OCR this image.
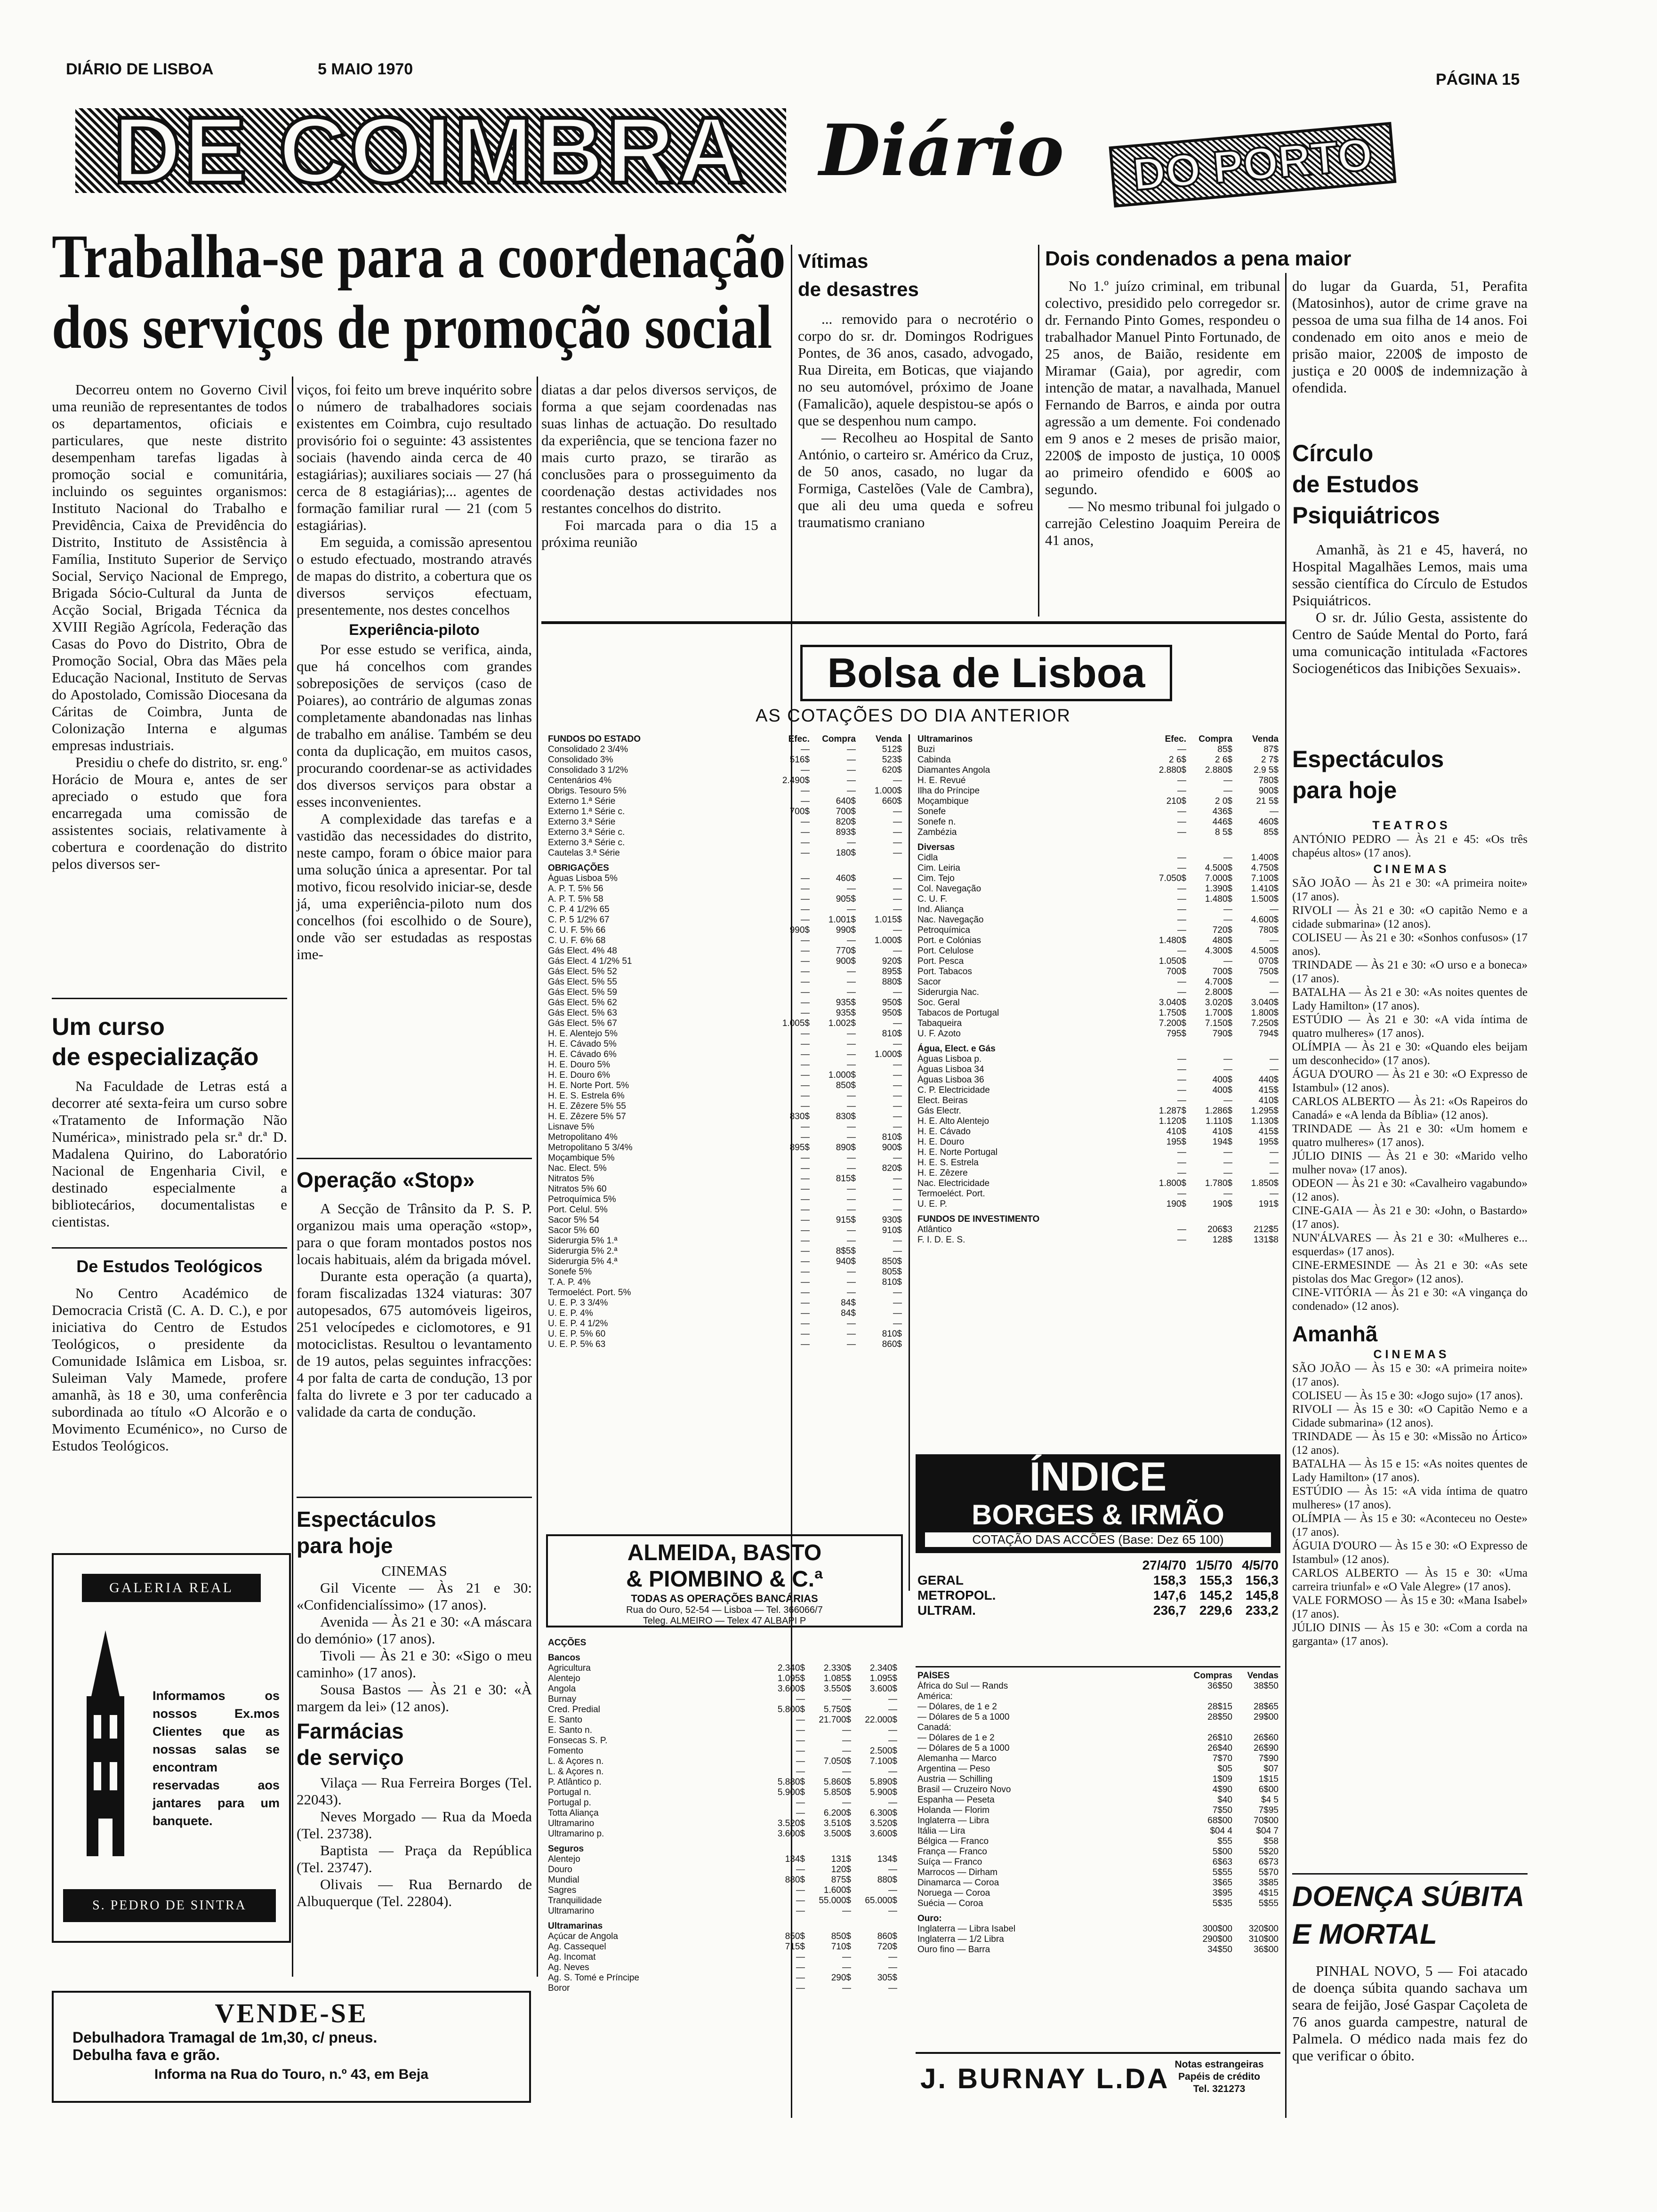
DIÁRIO DE LISBOA	5 MAIO 1970
PÁGINA 15
DE COIMBRA Diário	DO PORTO
Trabalha-se para a coordenação
dos serviços de promoção social

Decorreu ontem no Governo Civil uma reunião de representantes de todos os departamentos, oficiais e particulares, que neste distrito desempenham tarefas ligadas à promoção social e comunitária, incluindo os seguintes organismos: Instituto Nacional do Trabalho e Previdência, Caixa de Previdência do Distrito, Instituto de Assistência à Família, Instituto Superior de Serviço Social, Serviço Nacional de Emprego, Brigada Sócio-Cultural da Junta de Acção Social, Brigada Técnica da XVIII Região Agrícola, Federação das Casas do Povo do Distrito, Obra de Promoção Social, Obra das Mães pela Educação Nacional, Instituto de Servas do Apostolado, Comissão Diocesana da Cáritas de Coimbra, Junta de Colonização Interna e algumas empresas industriais.

Presidiu o chefe do distrito, sr. eng.º Horácio de Moura e, antes de ser apreciado o estudo que fora encarregada uma comissão de assistentes sociais, relativamente à cobertura e coordenação do distrito pelos diversos ser-

Um curso
de especialização

Na Faculdade de Letras está a decorrer até sexta-feira um curso sobre «Tratamento de Informação Não Numérica», ministrado pela sr.ª dr.ª D. Madalena Quirino, do Laboratório Nacional de Engenharia Civil, e destinado especialmente a bibliotecários, documentalistas e cientistas.

De Estudos Teológicos

No Centro Académico de Democracia Cristã (C. A. D. C.), e por iniciativa do Centro de Estudos Teológicos, o presidente da Comunidade Islâmica em Lisboa, sr. Suleiman Valy Mamede, profere amanhã, às 18 e 30, uma conferência subordinada ao título «O Alcorão e o Movimento Ecuménico», no Curso de Estudos Teológicos.

GALERIA REAL
Informamos os nossos Ex.mos Clientes que as nossas salas se encontram reservadas aos jantares para um banquete.
S. PEDRO DE SINTRA

viços, foi feito um breve inquérito sobre o número de trabalhadores sociais existentes em Coimbra, cujo resultado provisório foi o seguinte: 43 assistentes sociais (havendo ainda cerca de 40 estagiárias); auxiliares sociais — 27 (há cerca de 8 estagiárias);... agentes de formação familiar rural — 21 (com 5 estagiárias).

Em seguida, a comissão apresentou o estudo efectuado, mostrando através de mapas do distrito, a cobertura que os diversos serviços efectuam, presentemente, nos destes concelhos

Experiência-piloto

Por esse estudo se verifica, ainda, que há concelhos com grandes sobreposições de serviços (caso de Poiares), ao contrário de algumas zonas completamente abandonadas nas linhas de trabalho em análise. Também se deu conta da duplicação, em muitos casos, procurando coordenar-se as actividades dos diversos serviços para obstar a esses inconvenientes.

A complexidade das tarefas e a vastidão das necessidades do distrito, neste campo, foram o óbice maior para uma solução única a apresentar. Por tal motivo, ficou resolvido iniciar-se, desde já, uma experiência-piloto num dos concelhos (foi escolhido o de Soure), onde vão ser estudadas as respostas ime-

Operação «Stop»

A Secção de Trânsito da P. S. P. organizou mais uma operação «stop», para o que foram montados postos nos locais habituais, além da brigada móvel.

Durante esta operação (a quarta), foram fiscalizadas 1324 viaturas: 307 autopesados, 675 automóveis ligeiros, 251 velocípedes e ciclomotores, e 91 motociclistas. Resultou o levantamento de 19 autos, pelas seguintes infracções: 4 por falta de carta de condução, 13 por falta do livrete e 3 por ter caducado a validade da carta de condução.

Espectáculos
para hoje
CINEMAS

Gil Vicente — Às 21 e 30: «Confidencialíssimo» (17 anos).

Avenida — Às 21 e 30: «A máscara do demónio» (17 anos).

Tivoli — Às 21 e 30: «Sigo o meu caminho» (17 anos).

Sousa Bastos — Às 21 e 30: «À margem da lei» (12 anos).

Farmácias
de serviço

Vilaça — Rua Ferreira Borges (Tel. 22043).

Neves Morgado — Rua da Moeda (Tel. 23738).

Baptista — Praça da República (Tel. 23747).

Olivais — Rua Bernardo de Albuquerque (Tel. 22804).

VENDE-SE
Debulhadora Tramagal de 1m,30, c/ pneus.
Debulha fava e grão.
Informa na Rua do Touro, n.º 43, em Beja

diatas a dar pelos diversos serviços, de forma a que sejam coordenadas nas suas linhas de actuação. Do resultado da experiência, que se tenciona fazer no mais curto prazo, se tirarão as conclusões para o prosseguimento da coordenação destas actividades nos restantes concelhos do distrito.

Foi marcada para o dia 15 a próxima reunião

Vítimas
de desastres

... removido para o necrotério o corpo do sr. dr. Domingos Rodrigues Pontes, de 36 anos, casado, advogado, Rua Direita, em Boticas, que viajando no seu automóvel, próximo de Joane (Famalicão), aquele despistou-se após o que se despenhou num campo.

— Recolheu ao Hospital de Santo António, o carteiro sr. Américo da Cruz, de 50 anos, casado, no lugar da Formiga, Castelões (Vale de Cambra), que ali deu uma queda e sofreu traumatismo craniano

Dois condenados a pena maior

No 1.º juízo criminal, em tribunal colectivo, presidido pelo corregedor sr. dr. Fernando Pinto Gomes, respondeu o trabalhador Manuel Pinto Fortunado, de 25 anos, de Baião, residente em Miramar (Gaia), por agredir, com intenção de matar, a navalhada, Manuel Fernando de Barros, e ainda por outra agressão a um demente. Foi condenado em 9 anos e 2 meses de prisão maior, 2200$ de imposto de justiça, 10 000$ ao primeiro ofendido e 600$ ao segundo.

— No mesmo tribunal foi julgado o carrejão Celestino Joaquim Pereira de 41 anos,

do lugar da Guarda, 51, Perafita (Matosinhos), autor de crime grave na pessoa de uma sua filha de 14 anos. Foi condenado em oito anos e meio de prisão maior, 2200$ de imposto de justiça e 20 000$ de indemnização à ofendida.

Círculo
de Estudos
Psiquiátricos

Amanhã, às 21 e 45, haverá, no Hospital Magalhães Lemos, mais uma sessão científica do Círculo de Estudos Psiquiátricos.

O sr. dr. Júlio Gesta, assistente do Centro de Saúde Mental do Porto, fará uma comunicação intitulada «Factores Sociogenéticos das Inibições Sexuais».

Espectáculos
para hoje
T E A T R O S
ANTÓNIO PEDRO — Às 21 e 45: «Os três chapéus altos» (17 anos).
C I N E M A S
SÃO JOÃO — Às 21 e 30: «A primeira noite» (17 anos).
RIVOLI — Às 21 e 30: «O capitão Nemo e a cidade submarina» (12 anos).
COLISEU — Às 21 e 30: «Sonhos confusos» (17 anos).
TRINDADE — Às 21 e 30: «O urso e a boneca» (17 anos).
BATALHA — Às 21 e 30: «As noites quentes de Lady Hamilton» (17 anos).
ESTÚDIO — Às 21 e 30: «A vida íntima de quatro mulheres» (17 anos).
OLÍMPIA — Às 21 e 30: «Quando eles beijam um desconhecido» (17 anos).
ÁGUA D'OURO — Às 21 e 30: «O Expresso de Istambul» (12 anos).
CARLOS ALBERTO — Às 21: «Os Rapeiros do Canadá» e «A lenda da Bíblia» (12 anos).
TRINDADE — Às 21 e 30: «Um homem e quatro mulheres» (17 anos).
JÚLIO DINIS — Às 21 e 30: «Marido velho mulher nova» (17 anos).
ODEON — Às 21 e 30: «Cavalheiro vagabundo» (12 anos).
CINE-GAIA — Às 21 e 30: «John, o Bastardo» (17 anos).
NUN'ÁLVARES — Às 21 e 30: «Mulheres e... esquerdas» (17 anos).
CINE-ERMESINDE — Às 21 e 30: «As sete pistolas dos Mac Gregor» (12 anos).
CINE-VITÓRIA — Às 21 e 30: «A vingança do condenado» (12 anos).
Amanhã
C I N E M A S
SÃO JOÃO — Às 15 e 30: «A primeira noite» (17 anos).
COLISEU — Às 15 e 30: «Jogo sujo» (17 anos).
RIVOLI — Às 15 e 30: «O Capitão Nemo e a Cidade submarina» (12 anos).
TRINDADE — Às 15 e 30: «Missão no Ártico» (12 anos).
BATALHA — Às 15 e 15: «As noites quentes de Lady Hamilton» (17 anos).
ESTÚDIO — Às 15: «A vida íntima de quatro mulheres» (17 anos).
OLÍMPIA — Às 15 e 30: «Aconteceu no Oeste» (17 anos).
ÁGUIA D'OURO — Às 15 e 30: «O Expresso de Istambul» (12 anos).
CARLOS ALBERTO — Às 15 e 30: «Uma carreira triunfal» e «O Vale Alegre» (17 anos).
VALE FORMOSO — Às 15 e 30: «Mana Isabel» (17 anos).
JÚLIO DINIS — Às 15 e 30: «Com a corda na garganta» (17 anos).
DOENÇA SÚBITA
E MORTAL

PINHAL NOVO, 5 — Foi atacado de doença súbita quando sachava um seara de feijão, José Gaspar Caçoleta de 76 anos guarda campestre, natural de Palmela. O médico nada mais fez do que verificar o óbito.

Bolsa de Lisboa
AS COTAÇÕES DO DIA ANTERIOR
FUNDOS DO ESTADO	Efec.	Compra	Venda
Consolidado 2 3/4%	—	—	512$
Consolidado 3%	516$	—	523$
Consolidado 3 1/2%	—	—	620$
Centenários 4%	2.490$	—	—
Obrigs. Tesouro 5%	—	—	1.000$
Externo 1.ª Série	—	640$	660$
Externo 1.ª Série c.	700$	700$	—
Externo 3.ª Série	—	820$	—
Externo 3.ª Série c.	—	893$	—
Externo 3.ª Série c.	—	—	—
Cautelas 3.ª Série	—	180$	—
OBRIGAÇÕES			
Águas Lisboa 5%	—	460$	—
A. P. T. 5% 56	—	—	—
A. P. T. 5% 58	—	905$	—
C. P. 4 1/2% 65	—	—	—
C. P. 5 1/2% 67	—	1.001$	1.015$
C. U. F. 5% 66	990$	990$	—
C. U. F. 6% 68	—	—	1.000$
Gás Elect. 4% 48	—	770$	—
Gás Elect. 4 1/2% 51	—	900$	920$
Gás Elect. 5% 52	—	—	895$
Gás Elect. 5% 55	—	—	880$
Gás Elect. 5% 59	—	—	—
Gás Elect. 5% 62	—	935$	950$
Gás Elect. 5% 63	—	935$	950$
Gás Elect. 5% 67	1.005$	1.002$	—
H. E. Alentejo 5%	—	—	810$
H. E. Cávado 5%	—	—	—
H. E. Cávado 6%	—	—	1.000$
H. E. Douro 5%	—	—	—
H. E. Douro 6%	—	1.000$	—
H. E. Norte Port. 5%	—	850$	—
H. E. S. Estrela 6%	—	—	—
H. E. Zêzere 5% 55	—	—	—
H. E. Zêzere 5% 57	830$	830$	—
Lisnave 5%	—	—	—
Metropolitano 4%	—	—	810$
Metropolitano 5 3/4%	895$	890$	900$
Moçambique 5%	—	—	—
Nac. Elect. 5%	—	—	820$
Nitratos 5%	—	815$	—
Nitratos 5% 60	—	—	—
Petroquímica 5%	—	—	—
Port. Celul. 5%	—	—	—
Sacor 5% 54	—	915$	930$
Sacor 5% 60	—	—	910$
Siderurgia 5% 1.ª	—	—	—
Siderurgia 5% 2.ª	—	8$5$	—
Siderurgia 5% 4.ª	—	940$	850$
Sonefe 5%	—	—	805$
T. A. P. 4%	—	—	810$
Termoeléct. Port. 5%	—	—	—
U. E. P. 3 3/4%	—	84$	—
U. E. P. 4%	—	84$	—
U. E. P. 4 1/2%	—	—	—
U. E. P. 5% 60	—	—	810$
U. E. P. 5% 63	—	—	860$
Ultramarinos	Efec.	Compra	Venda
Buzi	—	85$	87$
Cabinda	2 6$	2 6$	2 7$
Diamantes Angola	2.880$	2.880$	2.9 5$
H. E. Revué	—	—	780$
Ilha do Príncipe	—	—	900$
Moçambique	210$	2 0$	21 5$
Sonefe	—	436$	—
Sonefe n.	—	446$	460$
Zambézia	—	8 5$	85$
Diversas			
Cidla	—	—	1.400$
Cim. Leiria	—	4.500$	4.750$
Cim. Tejo	7.050$	7.000$	7.100$
Col. Navegação	—	1.390$	1.410$
C. U. F.	—	1.480$	1.500$
Ind. Aliança	—	—	—
Nac. Navegação	—	—	4.600$
Petroquímica	—	720$	780$
Port. e Colónias	1.480$	480$	—
Port. Celulose	—	4.300$	4.500$
Port. Pesca	1.050$	—	070$
Port. Tabacos	700$	700$	750$
Sacor	—	4.700$	—
Siderurgia Nac.	—	2.800$	—
Soc. Geral	3.040$	3.020$	3.040$
Tabacos de Portugal	1.750$	1.700$	1.800$
Tabaqueira	7.200$	7.150$	7.250$
U. F. Azoto	795$	790$	794$
Água, Elect. e Gás			
Águas Lisboa p.	—	—	—
Águas Lisboa 34	—	—	—
Águas Lisboa 36	—	400$	440$
C. P. Electricidade	—	400$	415$
Elect. Beiras	—	—	410$
Gás Electr.	1.287$	1.286$	1.295$
H. E. Alto Alentejo	1.120$	1.110$	1.130$
H. E. Cávado	410$	410$	415$
H. E. Douro	195$	194$	195$
H. E. Norte Portugal	—	—	—
H. E. S. Estrela	—	—	—
H. E. Zêzere	—	—	—
Nac. Electricidade	1.800$	1.780$	1.850$
Termoeléct. Port.	—	—	—
U. E. P.	190$	190$	191$
FUNDOS DE INVESTIMENTO			
Atlântico	—	206$3	212$5
F. I. D. E. S.	—	128$	131$8
ALMEIDA, BASTO
& PIOMBINO & C.ª
TODAS AS OPERAÇÕES BANCÁRIAS
Rua do Ouro, 52-54 — Lisboa — Tel. 366066/7
Teleg. ALMEIRO — Telex 47 ALBAPI P
ACÇÕES			
Bancos			
Agricultura	2.340$	2.330$	2.340$
Alentejo	1.095$	1.085$	1.095$
Angola	3.600$	3.550$	3.600$
Burnay	—	—	—
Cred. Predial	5.800$	5.750$	—
E. Santo	—	21.700$	22.000$
E. Santo n.	—	—	—
Fonsecas S. P.	—	—	—
Fomento	—	—	2.500$
L. & Açores n.	—	7.050$	7.100$
L. & Açores n.	—	—	—
P. Atlântico p.	5.880$	5.860$	5.890$
Portugal n.	5.900$	5.850$	5.900$
Portugal p.	—	—	—
Totta Aliança	—	6.200$	6.300$
Ultramarino	3.520$	3.510$	3.520$
Ultramarino p.	3.600$	3.500$	3.600$
Seguros			
Alentejo	134$	131$	134$
Douro	—	120$	—
Mundial	880$	875$	880$
Sagres	—	1.600$	—
Tranquilidade	—	55.000$	65.000$
Ultramarino	—	—	—
Ultramarinas			
Açúcar de Angola	850$	850$	860$
Ag. Cassequel	715$	710$	720$
Ag. Incomat	—	—	—
Ag. Neves	—	—	—
Ag. S. Tomé e Príncipe	—	290$	305$
Boror	—	—	—
ÍNDICE
BORGES & IRMÃO
COTAÇÃO DAS ACCÕES (Base: Dez 65 100)
	27/4/70	1/5/70	4/5/70
GERAL	158,3	155,3	156,3
METROPOL.	147,6	145,2	145,8
ULTRAM.	236,7	229,6	233,2
PAÍSES	Compras	Vendas
África do Sul — Rands	36$50	38$50
América:		
— Dólares, de 1 e 2	28$15	28$65
— Dólares de 5 a 1000	28$50	29$00
Canadá:		
— Dólares de 1 e 2	26$10	26$60
— Dólares de 5 a 1000	26$40	26$90
Alemanha — Marco	7$70	7$90
Argentina — Peso	$05	$07
Austria — Schilling	1$09	1$15
Brasil — Cruzeiro Novo	4$90	6$00
Espanha — Peseta	$40	$4 5
Holanda — Florim	7$50	7$95
Inglaterra — Libra	68$00	70$00
Itália — Lira	$04 4	$04 7
Bélgica — Franco	$55	$58
França — Franco	5$00	5$20
Suíça — Franco	6$63	6$73
Marrocos — Dirham	5$55	5$70
Dinamarca — Coroa	3$65	3$85
Noruega — Coroa	3$95	4$15
Suécia — Coroa	5$35	5$55
Ouro:		
Inglaterra — Libra Isabel	300$00	320$00
Inglaterra — 1/2 Libra	290$00	310$00
Ouro fino — Barra	34$50	36$00
J. BURNAY L.DA Notas estrangeiras
Papéis de crédito
Tel. 321273
